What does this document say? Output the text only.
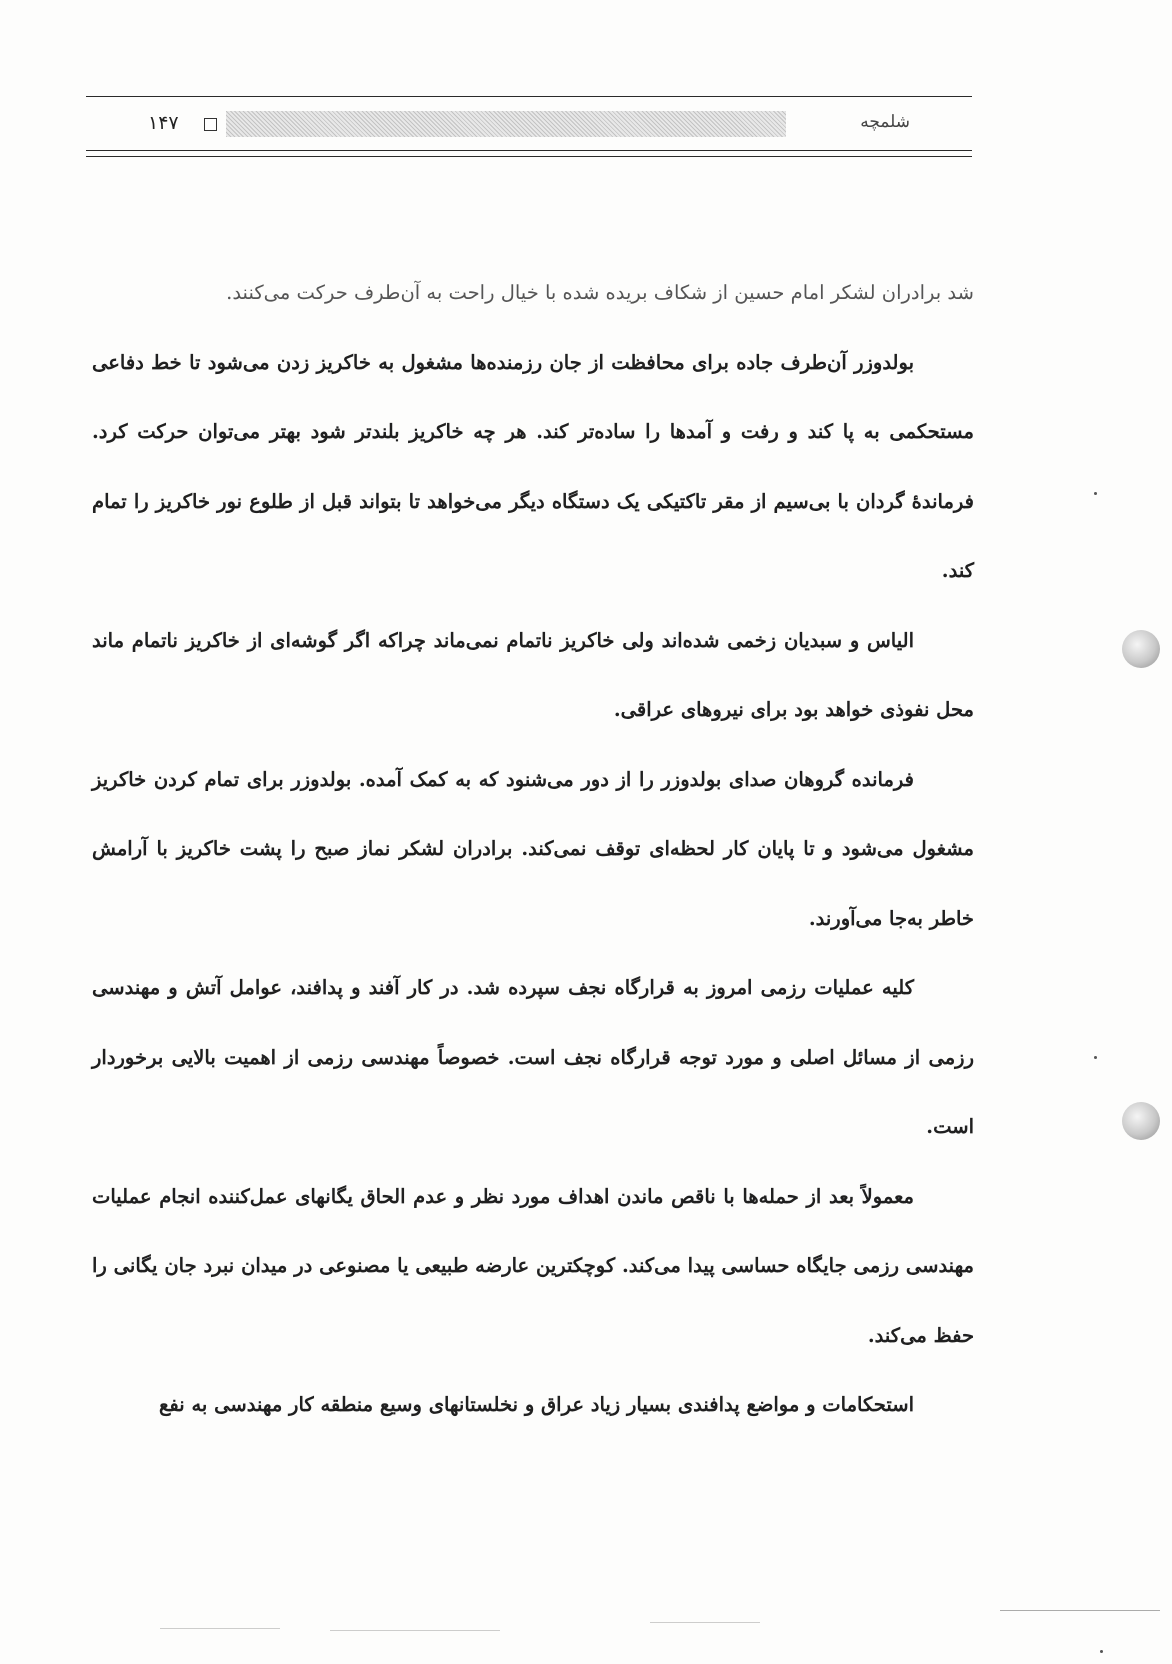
۱۴۷	شلمچه

شد برادران لشکر امام حسین از شکاف بریده شده با خیال راحت به آن‌طرف حرکت می‌کنند.

بولدوزر آن‌طرف جاده برای محافظت از جان رزمنده‌ها مشغول به خاکریز زدن می‌شود تا خط دفاعی مستحکمی به پا کند و رفت و آمدها را ساده‌تر کند. هر چه خاکریز بلندتر شود بهتر می‌توان حرکت کرد. فرماندهٔ گردان با بی‌سیم از مقر تاکتیکی یک دستگاه دیگر می‌خواهد تا بتواند قبل از طلوع نور خاکریز را تمام کند.

الیاس و سبدیان زخمی شده‌اند ولی خاکریز ناتمام نمی‌ماند چراکه اگر گوشه‌ای از خاکریز ناتمام ماند محل نفوذی خواهد بود برای نیروهای عراقی.

فرمانده گروهان صدای بولدوزر را از دور می‌شنود که به کمک آمده. بولدوزر برای تمام کردن خاکریز مشغول می‌شود و تا پایان کار لحظه‌ای توقف نمی‌کند. برادران لشکر نماز صبح را پشت خاکریز با آرامش خاطر به‌جا می‌آورند.

کلیه عملیات رزمی امروز به قرارگاه نجف سپرده شد. در کار آفند و پدافند، عوامل آتش و مهندسی رزمی از مسائل اصلی و مورد توجه قرارگاه نجف است. خصوصاً مهندسی رزمی از اهمیت بالایی برخوردار است.

معمولاً بعد از حمله‌ها با ناقص ماندن اهداف مورد نظر و عدم الحاق یگانهای عمل‌کننده انجام عملیات مهندسی رزمی جایگاه حساسی پیدا می‌کند. کوچکترین عارضه طبیعی یا مصنوعی در میدان نبرد جان یگانی را حفظ می‌کند.

استحکامات و مواضع پدافندی بسیار زیاد عراق و نخلستانهای وسیع منطقه کار مهندسی به نفع
